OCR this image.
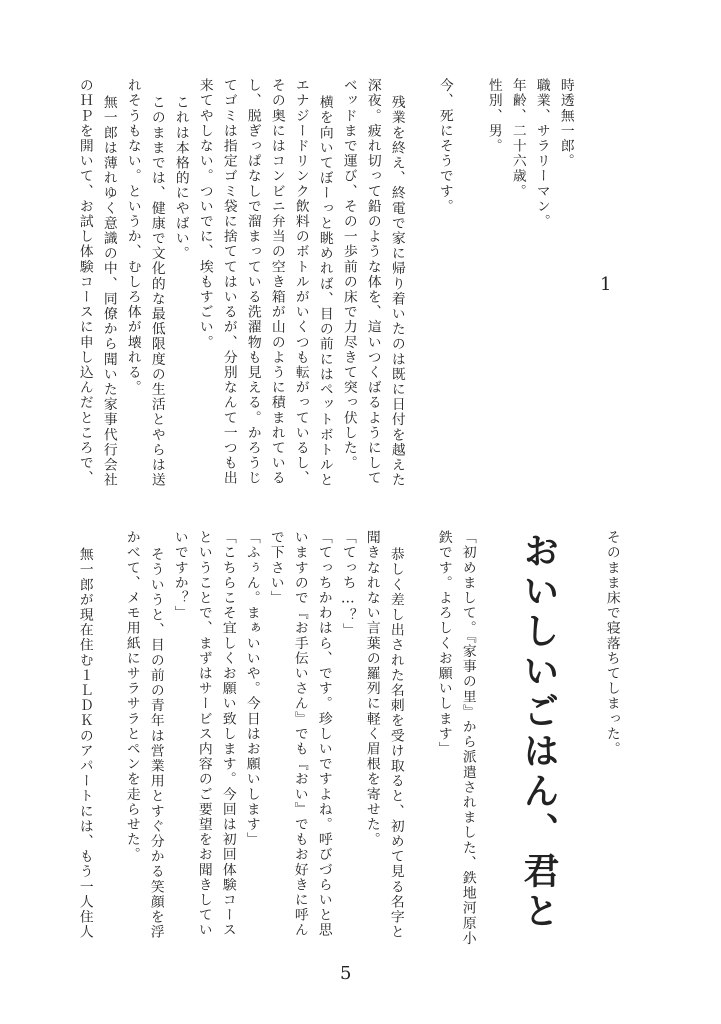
1

時透無一郎。

職業、サラリーマン。

年齢、二十六歳。

性別、男。

今、死にそうです。

残業を終え、終電で家に帰り着いたのは既に日付を越えた

深夜。疲れ切って鉛のような体を、這いつくばるようにして

ベッドまで運び、その一歩前の床で力尽きて突っ伏した。

横を向いてぼーっと眺めれば、目の前にはペットボトルと

エナジードリンク飲料のボトルがいくつも転がっているし、

その奥にはコンビニ弁当の空き箱が山のように積まれている

し、脱ぎっぱなしで溜まっている洗濯物も見える。かろうじ

てゴミは指定ゴミ袋に捨ててはいるが、分別なんて一つも出

来てやしない。ついでに、埃もすごい。

これは本格的にやばい。

このままでは、健康で文化的な最低限度の生活とやらは送

れそうもない。というか、むしろ体が壊れる。

無一郎は薄れゆく意識の中、同僚から聞いた家事代行会社

のＨＰを開いて、お試し体験コースに申し込んだところで、

そのまま床で寝落ちてしまった。

おいしいごはん、君と

「初めまして。『家事の里』から派遣されました、鉄地河原小

鉄です。よろしくお願いします」

恭しく差し出された名刺を受け取ると、初めて見る名字と

聞きなれない言葉の羅列に軽く眉根を寄せた。

「てっち…？」

「てっちかわはら、です。珍しいですよね。呼びづらいと思

いますので『お手伝いさん』でも『おい』でもお好きに呼ん

で下さい」

「ふぅん。まぁいいや。今日はお願いします」

「こちらこそ宜しくお願い致します。今回は初回体験コース

ということで、まずはサービス内容のご要望をお聞きしてい

いですか？」

そういうと、目の前の青年は営業用とすぐ分かる笑顔を浮

かべて、メモ用紙にサラサラとペンを走らせた。

無一郎が現在住む１ＬＤＫのアパートには、もう一人住人

5
